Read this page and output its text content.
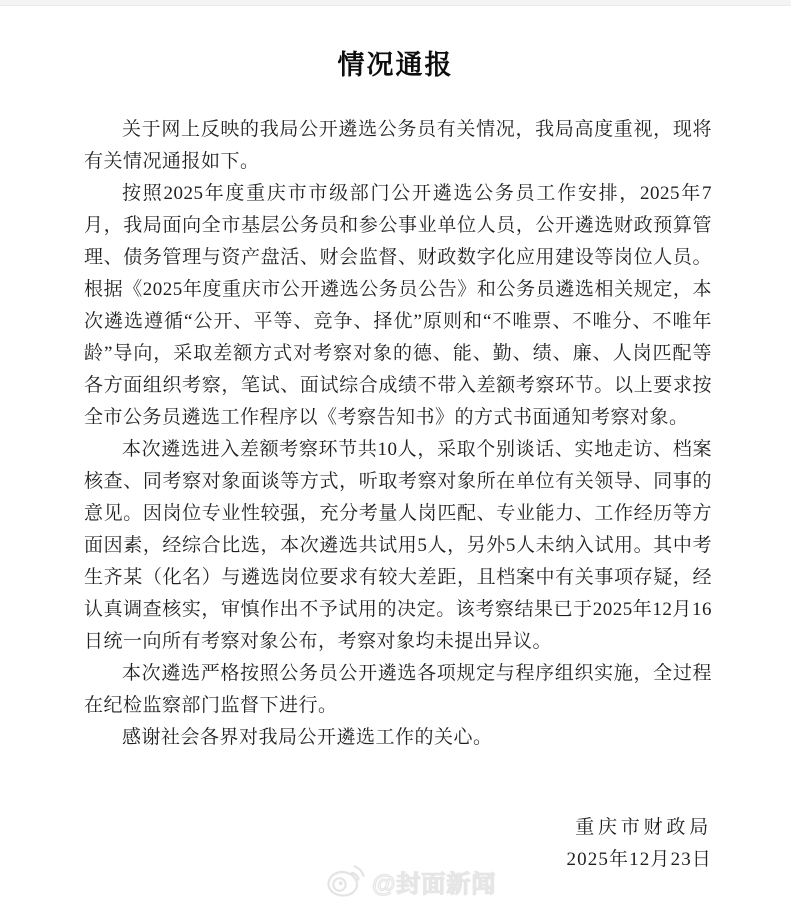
情况通报

关于网上反映的我局公开遴选公务员有关情况，我局高度重视，现将有关情况通报如下。

按照2025年度重庆市市级部门公开遴选公务员工作安排，2025年7月，我局面向全市基层公务员和参公事业单位人员，公开遴选财政预算管理、债务管理与资产盘活、财会监督、财政数字化应用建设等岗位人员。根据《2025年度重庆市公开遴选公务员公告》和公务员遴选相关规定，本次遴选遵循“公开、平等、竞争、择优”原则和“不唯票、不唯分、不唯年龄”导向，采取差额方式对考察对象的德、能、勤、绩、廉、人岗匹配等各方面组织考察，笔试、面试综合成绩不带入差额考察环节。以上要求按全市公务员遴选工作程序以《考察告知书》的方式书面通知考察对象。

本次遴选进入差额考察环节共10人，采取个别谈话、实地走访、档案核查、同考察对象面谈等方式，听取考察对象所在单位有关领导、同事的意见。因岗位专业性较强，充分考量人岗匹配、专业能力、工作经历等方面因素，经综合比选，本次遴选共试用5人，另外5人未纳入试用。其中考生齐某（化名）与遴选岗位要求有较大差距，且档案中有关事项存疑，经认真调查核实，审慎作出不予试用的决定。该考察结果已于2025年12月16日统一向所有考察对象公布，考察对象均未提出异议。

本次遴选严格按照公务员公开遴选各项规定与程序组织实施，全过程在纪检监察部门监督下进行。

感谢社会各界对我局公开遴选工作的关心。

重庆市财政局
2025年12月23日
@封面新闻
